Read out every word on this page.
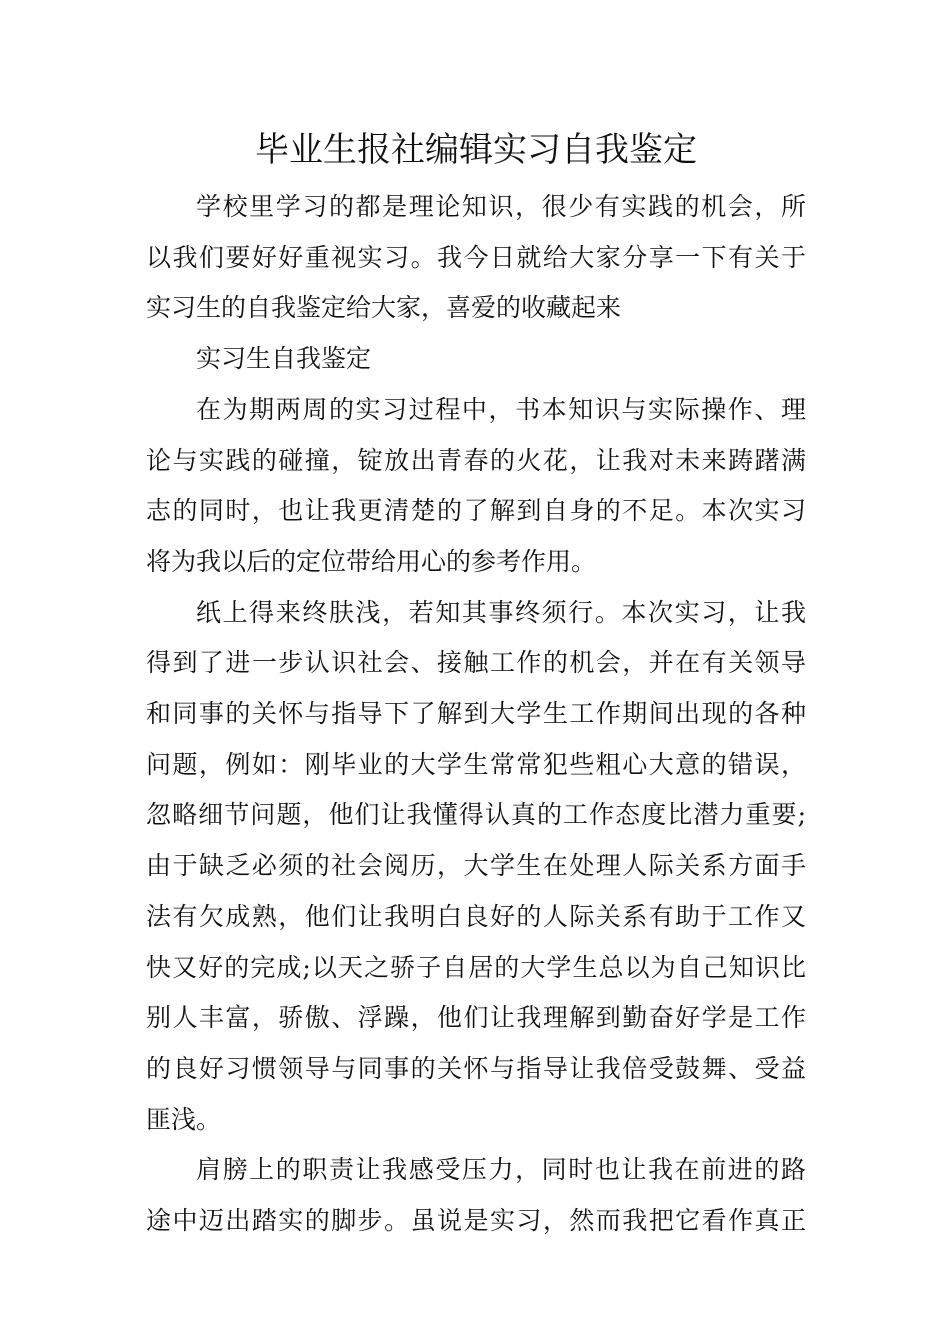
毕业生报社编辑实习自我鉴定
学校里学习的都是理论知识，很少有实践的机会，所
以我们要好好重视实习。我今日就给大家分享一下有关于
实习生的自我鉴定给大家，喜爱的收藏起来
实习生自我鉴定
在为期两周的实习过程中，书本知识与实际操作、理
论与实践的碰撞，锭放出青春的火花，让我对未来踌躇满
志的同时，也让我更清楚的了解到自身的不足。本次实习
将为我以后的定位带给用心的参考作用。
纸上得来终肤浅，若知其事终须行。本次实习，让我
得到了进一步认识社会、接触工作的机会，并在有关领导
和同事的关怀与指导下了解到大学生工作期间出现的各种
问题，例如：刚毕业的大学生常常犯些粗心大意的错误，
忽略细节问题，他们让我懂得认真的工作态度比潜力重要;
由于缺乏必须的社会阅历，大学生在处理人际关系方面手
法有欠成熟，他们让我明白良好的人际关系有助于工作又
快又好的完成;以天之骄子自居的大学生总以为自己知识比
别人丰富，骄傲、浮躁，他们让我理解到勤奋好学是工作
的良好习惯领导与同事的关怀与指导让我倍受鼓舞、受益
匪浅。
肩膀上的职责让我感受压力，同时也让我在前进的路
途中迈出踏实的脚步。虽说是实习，然而我把它看作真正
